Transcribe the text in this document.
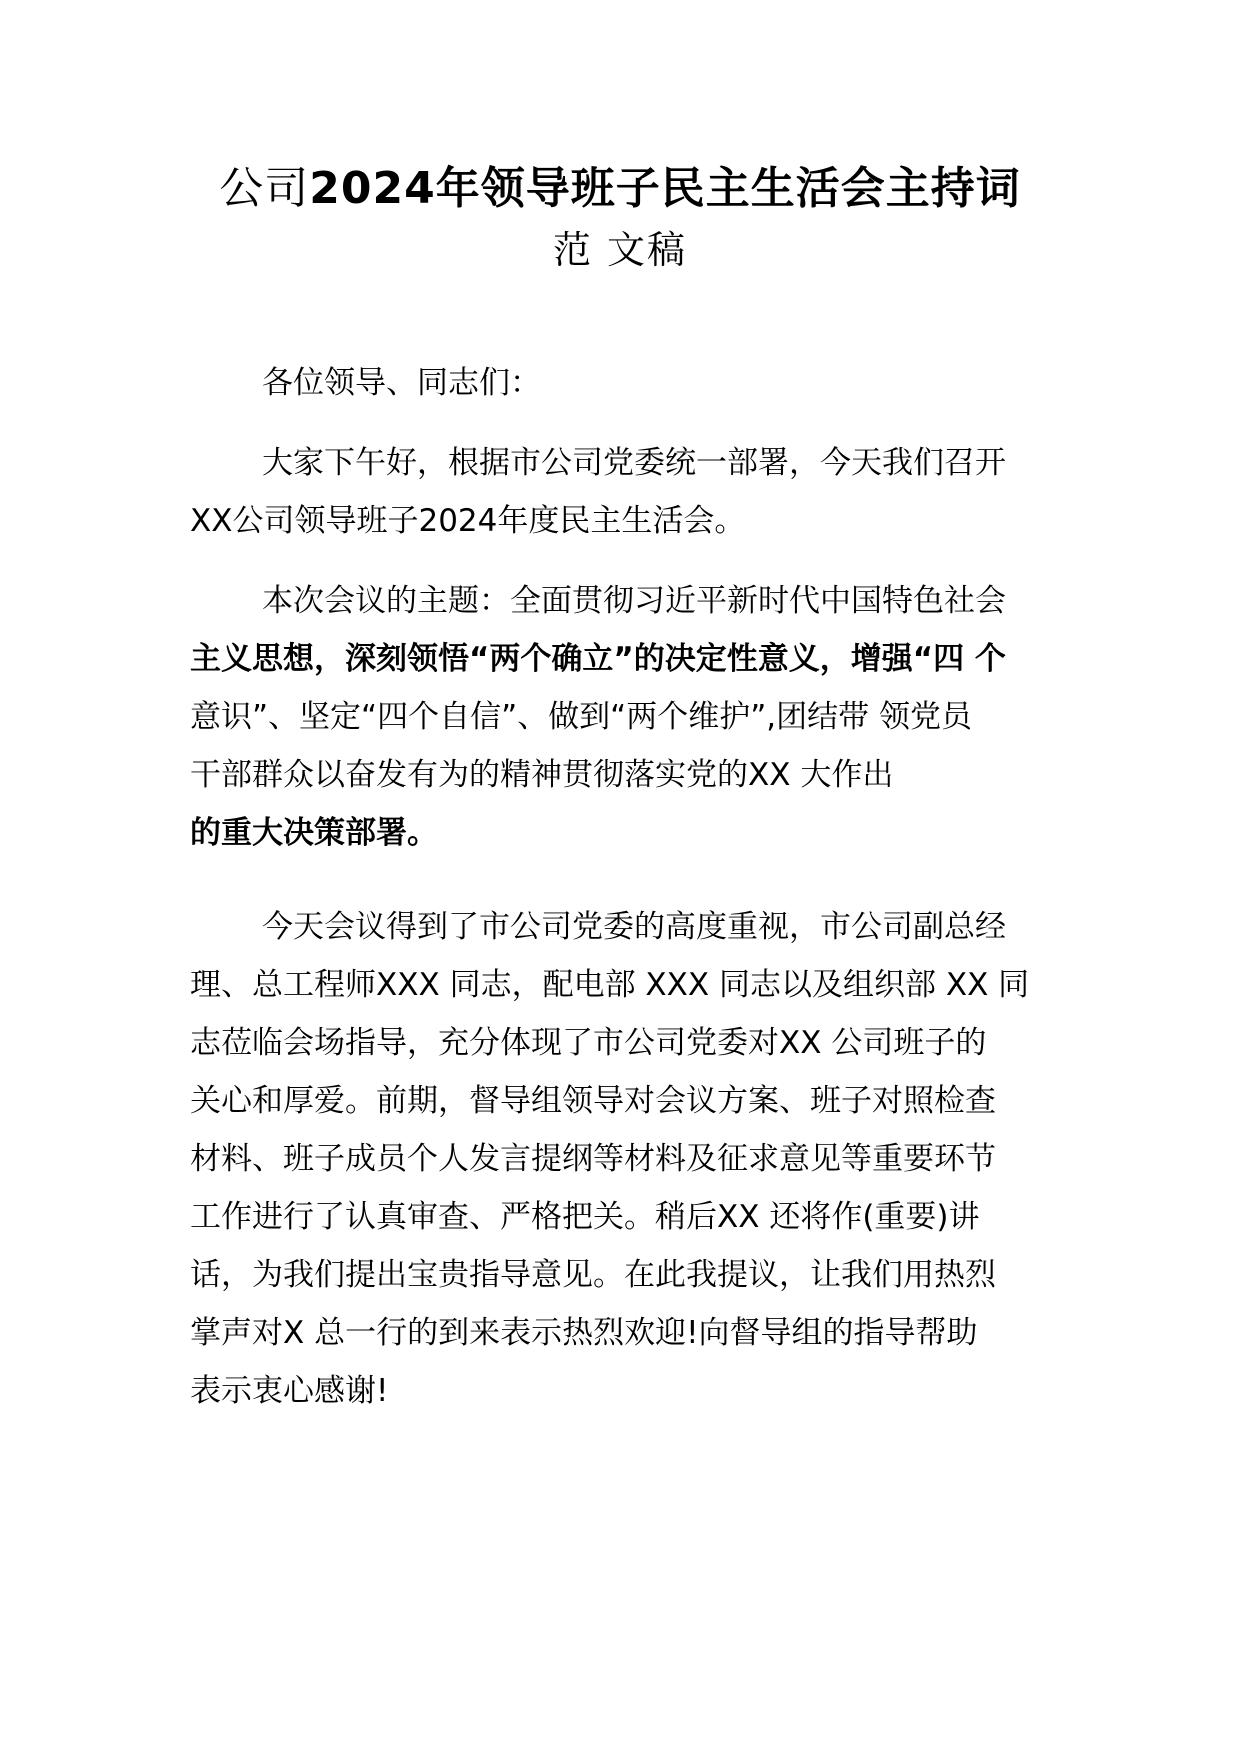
公司2024年领导班子民主生活会主持词
范 文稿

各位领导、同志们：

大家下午好，根据市公司党委统一部署，今天我们召开
XX公司领导班子2024年度民主生活会。

本次会议的主题：全面贯彻习近平新时代中国特色社会
主义思想，深刻领悟“两个确立”的决定性意义，增强“四 个
意识”、坚定“四个自信”、做到“两个维护”,团结带 领党员
干部群众以奋发有为的精神贯彻落实党的XX 大作出
的重大决策部署。

今天会议得到了市公司党委的高度重视，市公司副总经
理、总工程师XXX 同志，配电部 XXX 同志以及组织部 XX 同
志莅临会场指导，充分体现了市公司党委对XX 公司班子的
关心和厚爱。前期，督导组领导对会议方案、班子对照检查
材料、班子成员个人发言提纲等材料及征求意见等重要环节
工作进行了认真审查、严格把关。稍后XX 还将作(重要)讲
话，为我们提出宝贵指导意见。在此我提议，让我们用热烈
掌声对X 总一行的到来表示热烈欢迎!向督导组的指导帮助
表示衷心感谢!
